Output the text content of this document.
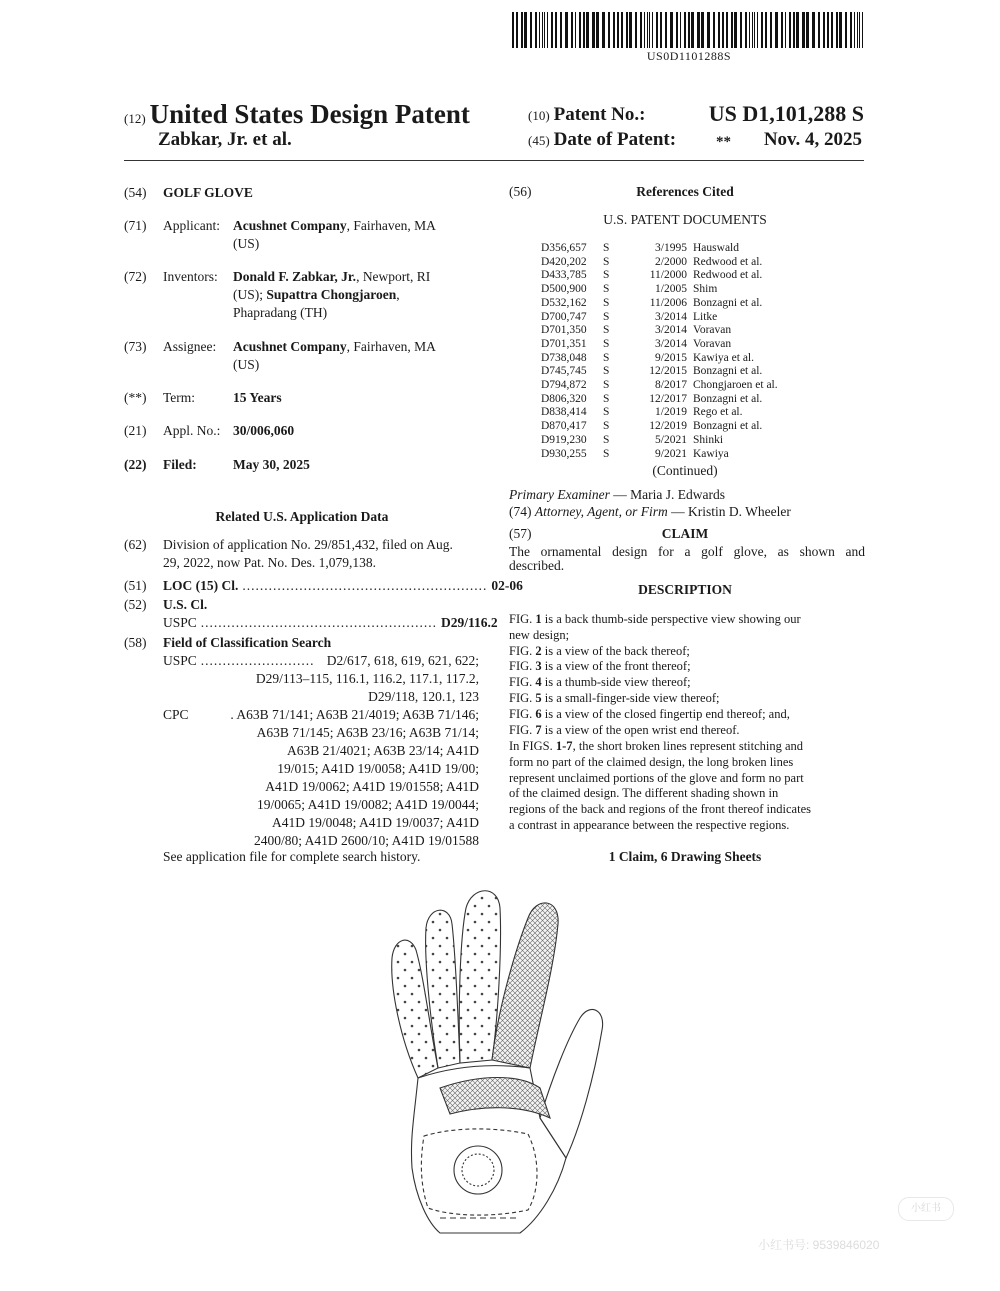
US0D1101288S
(12) United States Design Patent
Zabkar, Jr. et al.
(10) Patent No.:	US D1,101,288 S
(45) Date of Patent:	** Nov. 4, 2025
(54) GOLF GLOVE
(71) Applicant: Acushnet Company, Fairhaven, MA
(US)
(72) Inventors: Donald F. Zabkar, Jr., Newport, RI
(US); Supattra Chongjaroen,
Phapradang (TH)
(73) Assignee: Acushnet Company, Fairhaven, MA
(US)
(**) Term:	15 Years
(21) Appl. No.: 30/006,060
(22) Filed:	May 30, 2025
Related U.S. Application Data
(62) Division of application No. 29/851,432, filed on Aug.
29, 2022, now Pat. No. Des. 1,079,138.
(51) LOC (15) Cl. ........................................................ 02-06
(52) U.S. Cl.
USPC ...................................................... D29/116.2
(58) Field of Classification Search
USPC .......................... D2/617, 618, 619, 621, 622;
D29/113–115, 116.1, 116.2, 117.1, 117.2,
D29/118, 120.1, 123
CPC	. A63B 71/141; A63B 21/4019; A63B 71/146;
A63B 71/145; A63B 23/16; A63B 71/14;
A63B 21/4021; A63B 23/14; A41D
19/015; A41D 19/0058; A41D 19/00;
A41D 19/0062; A41D 19/01558; A41D
19/0065; A41D 19/0082; A41D 19/0044;
A41D 19/0048; A41D 19/0037; A41D
2400/80; A41D 2600/10; A41D 19/01588
See application file for complete search history.
(56)	References Cited
U.S. PATENT DOCUMENTS
D356,657	S	3/1995	Hauswald
D420,202	S	2/2000	Redwood et al.
D433,785	S	11/2000	Redwood et al.
D500,900	S	1/2005	Shim
D532,162	S	11/2006	Bonzagni et al.
D700,747	S	3/2014	Litke
D701,350	S	3/2014	Voravan
D701,351	S	3/2014	Voravan
D738,048	S	9/2015	Kawiya et al.
D745,745	S	12/2015	Bonzagni et al.
D794,872	S	8/2017	Chongjaroen et al.
D806,320	S	12/2017	Bonzagni et al.
D838,414	S	1/2019	Rego et al.
D870,417	S	12/2019	Bonzagni et al.
D919,230	S	5/2021	Shinki
D930,255	S	9/2021	Kawiya
(Continued)
Primary Examiner — Maria J. Edwards
(74) Attorney, Agent, or Firm — Kristin D. Wheeler
(57)	CLAIM
The ornamental design for a golf glove, as shown and
described.
DESCRIPTION
FIG. 1 is a back thumb-side perspective view showing our
new design;
FIG. 2 is a view of the back thereof;
FIG. 3 is a view of the front thereof;
FIG. 4 is a thumb-side view thereof;
FIG. 5 is a small-finger-side view thereof;
FIG. 6 is a view of the closed fingertip end thereof; and,
FIG. 7 is a view of the open wrist end thereof.
In FIGS. 1-7, the short broken lines represent stitching and
form no part of the claimed design, the long broken lines
represent unclaimed portions of the glove and form no part
of the claimed design. The different shading shown in
regions of the back and regions of the front thereof indicates
a contrast in appearance between the respective regions.
1 Claim, 6 Drawing Sheets
小红书
小红书号: 9539846020
